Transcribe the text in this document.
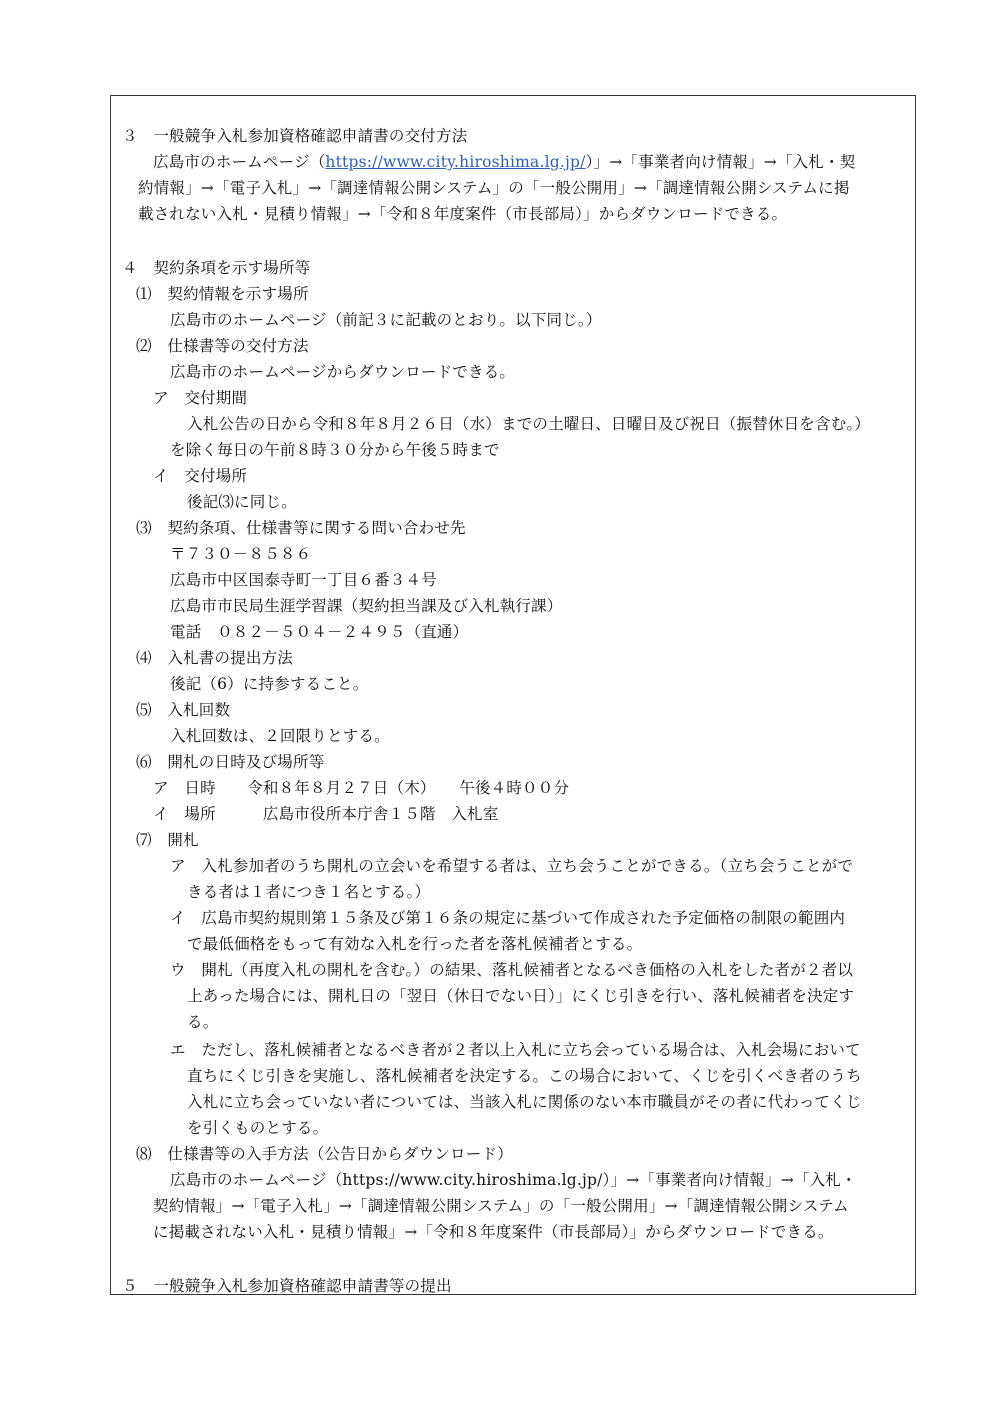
３　一般競争入札参加資格確認申請書の交付方法
広島市のホームページ（https://www.city.hiroshima.lg.jp/）」→「事業者向け情報」→「入札・契
約情報」→「電子入札」→「調達情報公開システム」の「一般公開用」→「調達情報公開システムに掲
載されない入札・見積り情報」→「令和８年度案件（市長部局）」からダウンロードできる。
４　契約条項を示す場所等
⑴　契約情報を示す場所
広島市のホームページ（前記３に記載のとおり。以下同じ。）
⑵　仕様書等の交付方法
広島市のホームページからダウンロードできる。
ア　交付期間
入札公告の日から令和８年８月２６日（水）までの土曜日、日曜日及び祝日（振替休日を含む。）
を除く毎日の午前８時３０分から午後５時まで
イ　交付場所
後記⑶に同じ。
⑶　契約条項、仕様書等に関する問い合わせ先
〒７３０－８５８６
広島市中区国泰寺町一丁目６番３４号
広島市市民局生涯学習課（契約担当課及び入札執行課）
電話　０８２－５０４－２４９５（直通）
⑷　入札書の提出方法
後記（6）に持参すること。
⑸　入札回数
入札回数は、２回限りとする。
⑹　開札の日時及び場所等
ア　日時　　令和８年８月２７日（木）　　午後４時００分
イ　場所　　　広島市役所本庁舎１５階　入札室
⑺　開札
ア　入札参加者のうち開札の立会いを希望する者は、立ち会うことができる。（立ち会うことがで
きる者は１者につき１名とする。）
イ　広島市契約規則第１５条及び第１６条の規定に基づいて作成された予定価格の制限の範囲内
で最低価格をもって有効な入札を行った者を落札候補者とする。
ウ　開札（再度入札の開札を含む。）の結果、落札候補者となるべき価格の入札をした者が２者以
上あった場合には、開札日の「翌日（休日でない日）」にくじ引きを行い、落札候補者を決定す
る。
エ　ただし、落札候補者となるべき者が２者以上入札に立ち会っている場合は、入札会場において
直ちにくじ引きを実施し、落札候補者を決定する。この場合において、くじを引くべき者のうち
入札に立ち会っていない者については、当該入札に関係のない本市職員がその者に代わってくじ
を引くものとする。
⑻　仕様書等の入手方法（公告日からダウンロード）
広島市のホームページ（https://www.city.hiroshima.lg.jp/）」→「事業者向け情報」→「入札・
契約情報」→「電子入札」→「調達情報公開システム」の「一般公開用」→「調達情報公開システム
に掲載されない入札・見積り情報」→「令和８年度案件（市長部局）」からダウンロードできる。
５　一般競争入札参加資格確認申請書等の提出
